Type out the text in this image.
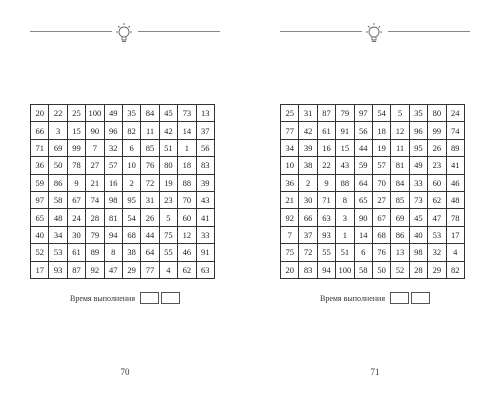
20	22	25	100	49	35	84	45	73	13
66	3	15	90	96	82	11	42	14	37
71	69	99	7	32	6	85	51	1	56
36	50	78	27	57	10	76	80	18	83
59	86	9	21	16	2	72	19	88	39
97	58	67	74	98	95	31	23	70	43
65	48	24	28	81	54	26	5	60	41
40	34	30	79	94	68	44	75	12	33
52	53	61	89	8	38	64	55	46	91
17	93	87	92	47	29	77	4	62	63
Время выполнения
70
25	31	87	79	97	54	5	35	80	24
77	42	61	91	56	18	12	96	99	74
34	39	16	15	44	19	11	95	26	89
10	38	22	43	59	57	81	49	23	41
36	2	9	88	64	70	84	33	60	46
21	30	71	8	65	27	85	73	62	48
92	66	63	3	90	67	69	45	47	78
7	37	93	1	14	68	86	40	53	17
75	72	55	51	6	76	13	98	32	4
20	83	94	100	58	50	52	28	29	82
Время выполнения
71
